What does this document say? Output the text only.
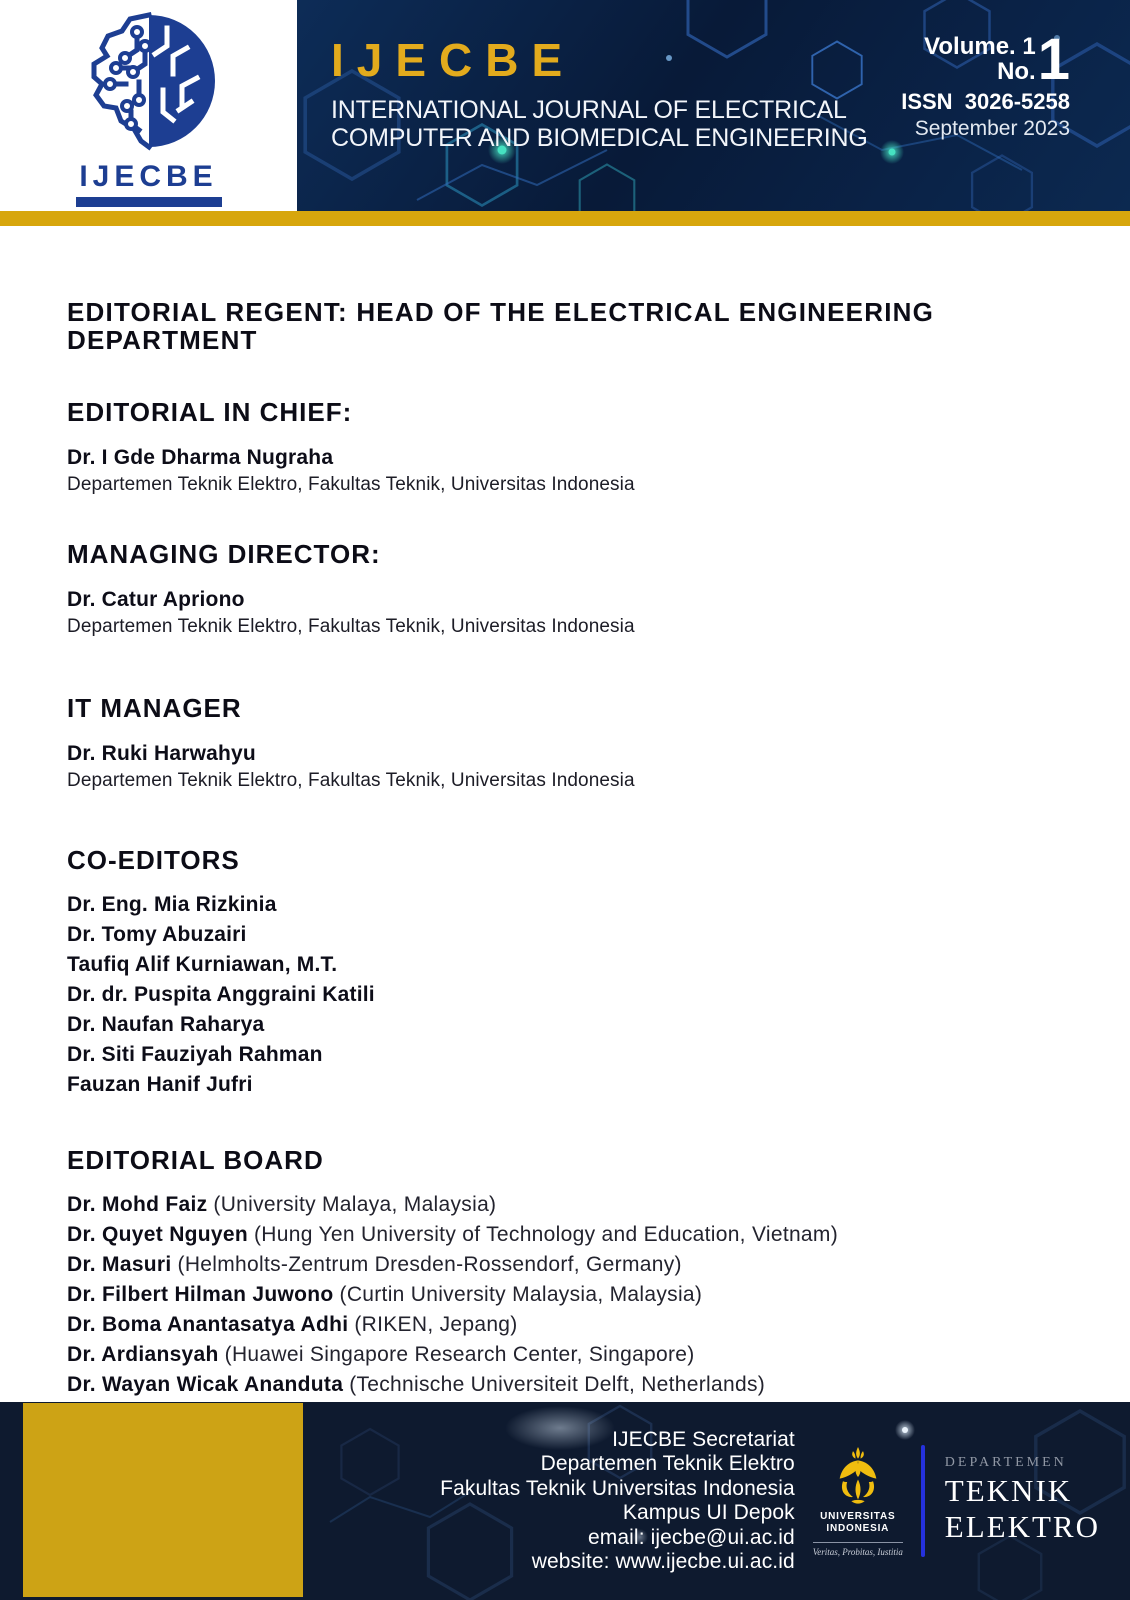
IJECBE
IJECBE
INTERNATIONAL JOURNAL OF ELECTRICAL
COMPUTER AND BIOMEDICAL ENGINEERING
Volume. 1
No. 1
ISSN  3026-5258
September 2023
EDITORIAL REGENT: HEAD OF THE ELECTRICAL ENGINEERING DEPARTMENT
EDITORIAL IN CHIEF:
Dr. I Gde Dharma Nugraha
Departemen Teknik Elektro, Fakultas Teknik, Universitas Indonesia
MANAGING DIRECTOR:
Dr. Catur Apriono
Departemen Teknik Elektro, Fakultas Teknik, Universitas Indonesia
IT MANAGER
Dr. Ruki Harwahyu
Departemen Teknik Elektro, Fakultas Teknik, Universitas Indonesia
CO-EDITORS
Dr. Eng. Mia Rizkinia
Dr. Tomy Abuzairi
Taufiq Alif Kurniawan, M.T.
Dr. dr. Puspita Anggraini Katili
Dr. Naufan Raharya
Dr. Siti Fauziyah Rahman
Fauzan Hanif Jufri
EDITORIAL BOARD
Dr. Mohd Faiz (University Malaya, Malaysia)
Dr. Quyet Nguyen (Hung Yen University of Technology and Education, Vietnam)
Dr. Masuri (Helmholts-Zentrum Dresden-Rossendorf, Germany)
Dr. Filbert Hilman Juwono (Curtin University Malaysia, Malaysia)
Dr. Boma Anantasatya Adhi (RIKEN, Jepang)
Dr. Ardiansyah (Huawei Singapore Research Center, Singapore)
Dr. Wayan Wicak Ananduta (Technische Universiteit Delft, Netherlands)
IJECBE Secretariat
Departemen Teknik Elektro
Fakultas Teknik Universitas Indonesia
Kampus UI Depok
email: ijecbe@ui.ac.id
website: www.ijecbe.ui.ac.id
UNIVERSITAS
INDONESIA
Veritas, Probitas, Iustitia
DEPARTEMEN
TEKNIK
ELEKTRO
